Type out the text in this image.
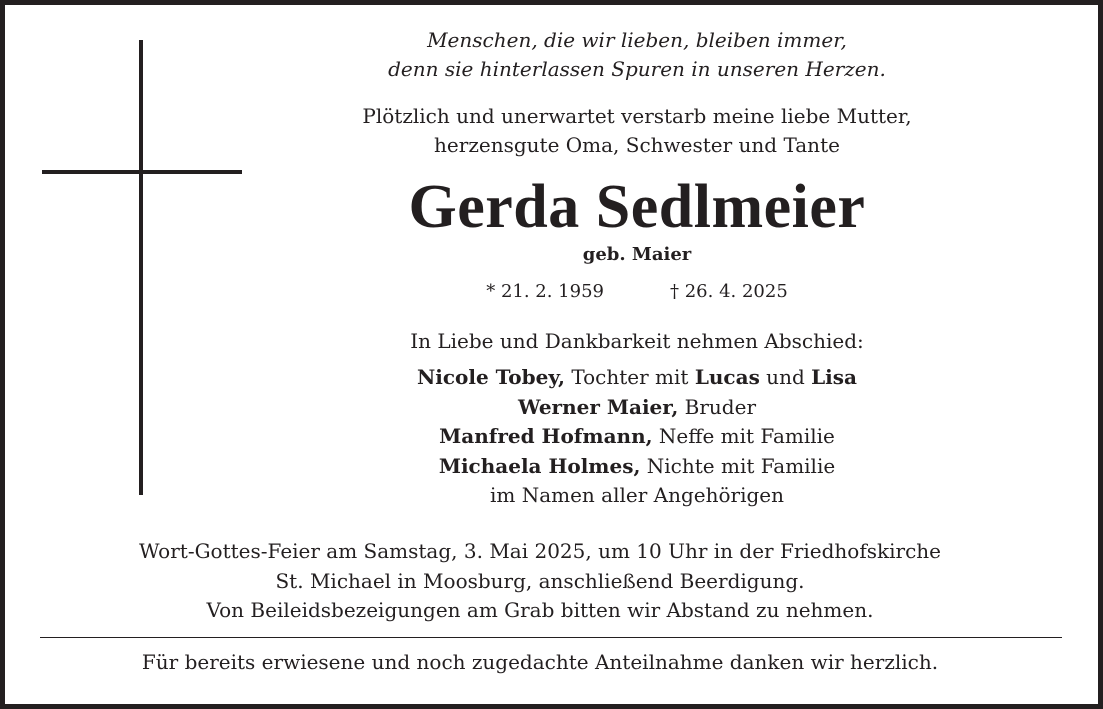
Menschen, die wir lieben, bleiben immer,
denn sie hinterlassen Spuren in unseren Herzen.
Plötzlich und unerwartet verstarb meine liebe Mutter,
herzensgute Oma, Schwester und Tante
Gerda Sedlmeier
geb. Maier
* 21. 2. 1959	† 26. 4. 2025
In Liebe und Dankbarkeit nehmen Abschied:
Nicole Tobey, Tochter mit Lucas und Lisa
Werner Maier, Bruder
Manfred Hofmann, Neffe mit Familie
Michaela Holmes, Nichte mit Familie
im Namen aller Angehörigen
Wort-Gottes-Feier am Samstag, 3. Mai 2025, um 10 Uhr in der Friedhofskirche
St. Michael in Moosburg, anschließend Beerdigung.
Von Beileidsbezeigungen am Grab bitten wir Abstand zu nehmen.
Für bereits erwiesene und noch zugedachte Anteilnahme danken wir herzlich.
